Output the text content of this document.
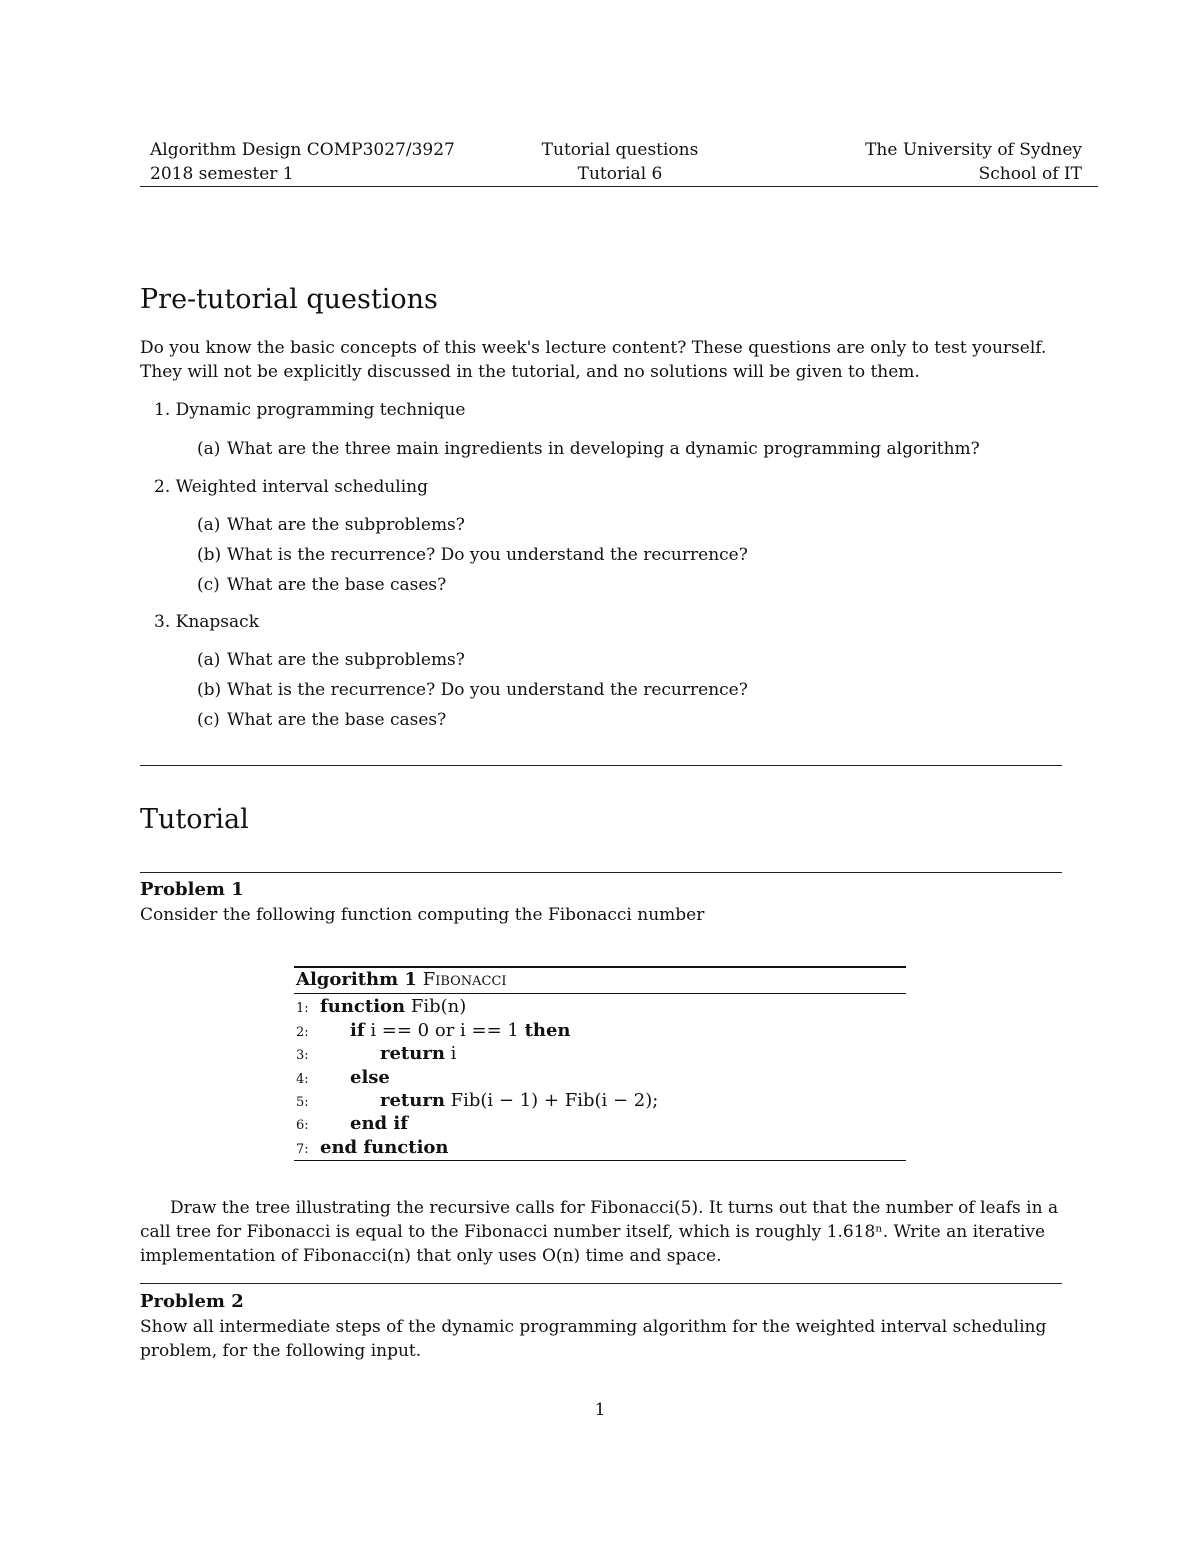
Algorithm Design COMP3027/3927
2018 semester 1
Tutorial questions
Tutorial 6
The University of Sydney
School of IT
Pre-tutorial questions
Do you know the basic concepts of this week's lecture content? These questions are only to test yourself.
They will not be explicitly discussed in the tutorial, and no solutions will be given to them.
1. Dynamic programming technique
(a) What are the three main ingredients in developing a dynamic programming algorithm?
2. Weighted interval scheduling
(a) What are the subproblems?
(b) What is the recurrence? Do you understand the recurrence?
(c) What are the base cases?
3. Knapsack
(a) What are the subproblems?
(b) What is the recurrence? Do you understand the recurrence?
(c) What are the base cases?
Tutorial
Problem 1
Consider the following function computing the Fibonacci number
Algorithm 1 Fibonacci
1: function Fib(n)
2: if i == 0 or i == 1 then
3:	return i
4: else
5:	return Fib(i − 1) + Fib(i − 2);
6: end if
7: end function
Draw the tree illustrating the recursive calls for Fibonacci(5). It turns out that the number of leafs in a
call tree for Fibonacci is equal to the Fibonacci number itself, which is roughly 1.618ⁿ. Write an iterative
implementation of Fibonacci(n) that only uses O(n) time and space.
Problem 2
Show all intermediate steps of the dynamic programming algorithm for the weighted interval scheduling
problem, for the following input.
1
